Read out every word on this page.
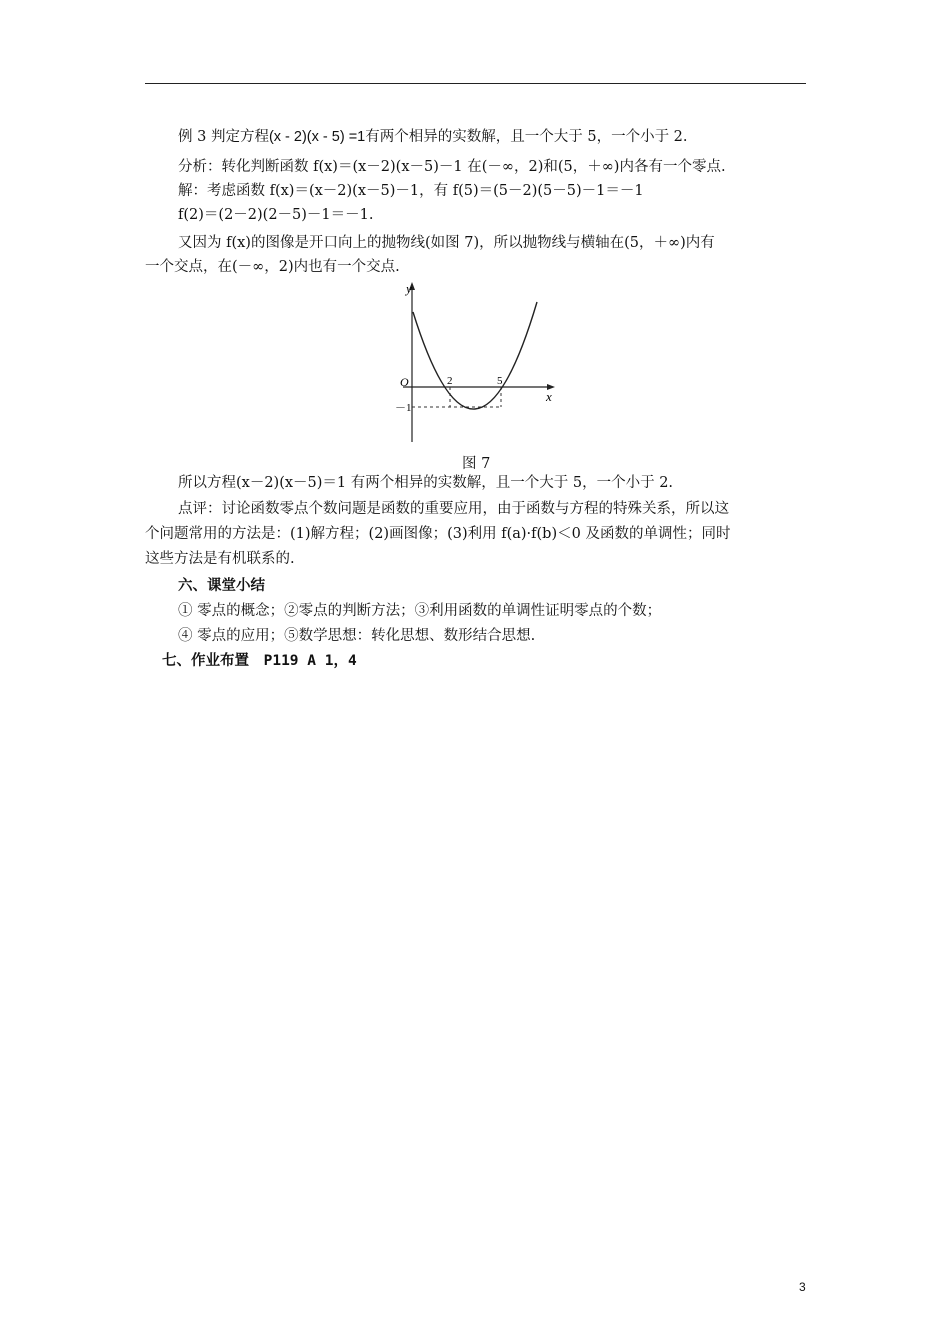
例 3 判定方程(x - 2)(x - 5) =1有两个相异的实数解，且一个大于 5，一个小于 2.
分析：转化判断函数 f(x)＝(x－2)(x－5)－1 在(－∞，2)和(5，＋∞)内各有一个零点.
解：考虑函数 f(x)＝(x－2)(x－5)－1，有 f(5)＝(5－2)(5－5)－1＝－1
f(2)＝(2－2)(2－5)－1＝－1.
又因为 f(x)的图像是开口向上的抛物线(如图 7)，所以抛物线与横轴在(5，＋∞)内有
一个交点，在(－∞，2)内也有一个交点.
y
x
O	2	5
－1
图 7
所以方程(x－2)(x－5)＝1 有两个相异的实数解，且一个大于 5，一个小于 2.
点评：讨论函数零点个数问题是函数的重要应用，由于函数与方程的特殊关系，所以这
个问题常用的方法是：(1)解方程；(2)画图像；(3)利用 f(a)·f(b)＜0 及函数的单调性；同时
这些方法是有机联系的.
六、课堂小结
① 零点的概念；②零点的判断方法；③利用函数的单调性证明零点的个数；
④ 零点的应用；⑤数学思想：转化思想、数形结合思想.
七、作业布置 P119 A 1，4
3
